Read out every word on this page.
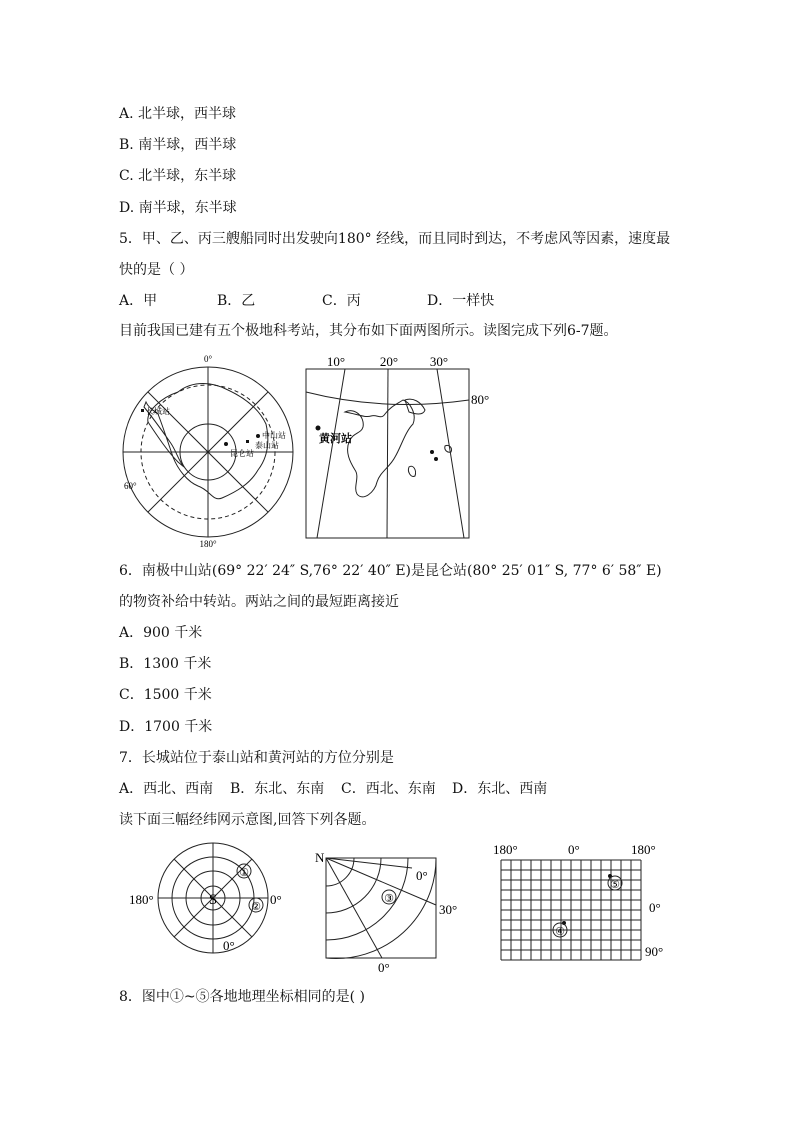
A. 北半球，西半球
B. 南半球，西半球
C. 北半球，东半球
D. 南半球，东半球
5．甲、乙、丙三艘船同时出发驶向180° 经线，而且同时到达，不考虑风等因素，速度最
快的是（ ）
A．甲	B．乙	C．丙	D．一样快
目前我国已建有五个极地科考站，其分布如下面两图所示。读图完成下列6-7题。
0°
180°
60°
长城站
中山站
泰山站
昆仑站
10°	20° 30°
80°
黄河站
6．南极中山站(69° 22′ 24″ S,76° 22′ 40″ E)是昆仑站(80° 25′ 01″ S, 77° 6′ 58″ E)
的物资补给中转站。两站之间的最短距离接近
A．900 千米
B．1300 千米
C．1500 千米
D．1700 千米
7．长城站位于泰山站和黄河站的方位分别是
A．西北、西南 B．东北、东南 C．西北、东南 D．东北、西南
读下面三幅经纬网示意图,回答下列各题。
S
180°	0°
0°
①
②
N
0°
30°
0°
③
180°	0°	180°
0°
90°
④
⑤
8．图中①~⑤各地地理坐标相同的是( )
